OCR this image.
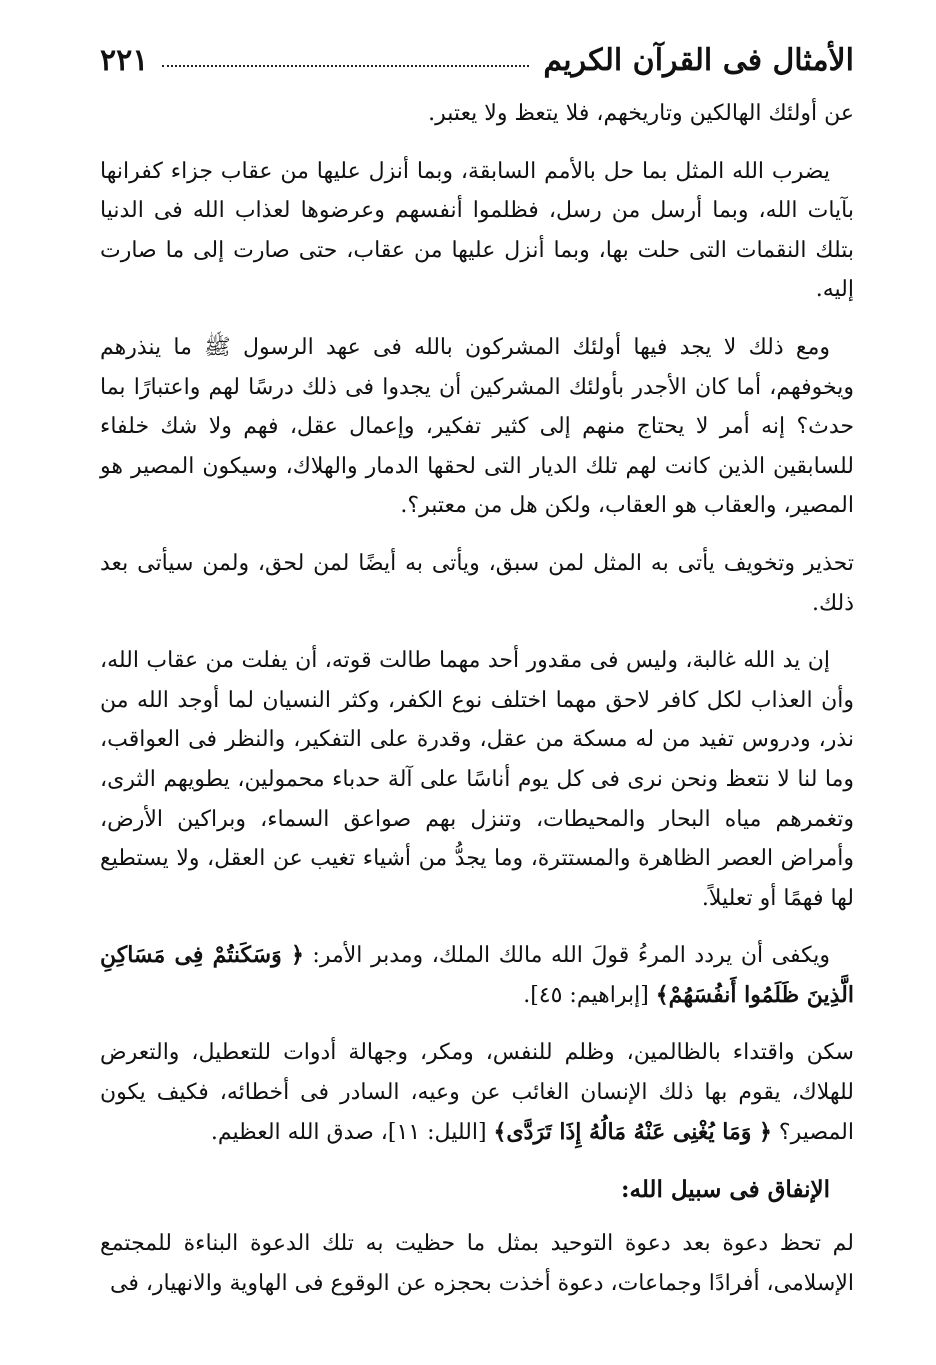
الأمثال فى القرآن الكريم
٢٢١

عن أولئك الهالكين وتاريخهم، فلا يتعظ ولا يعتبر.

يضرب الله المثل بما حل بالأمم السابقة، وبما أنزل عليها من عقاب جزاء كفرانها بآيات الله، وبما أرسل من رسل، فظلموا أنفسهم وعرضوها لعذاب الله فى الدنيا بتلك النقمات التى حلت بها، وبما أنزل عليها من عقاب، حتى صارت إلى ما صارت إليه.

ومع ذلك لا يجد فيها أولئك المشركون بالله فى عهد الرسول ﷺ ما ينذرهم ويخوفهم، أما كان الأجدر بأولئك المشركين أن يجدوا فى ذلك درسًا لهم واعتبارًا بما حدث؟ إنه أمر لا يحتاج منهم إلى كثير تفكير، وإعمال عقل، فهم ولا شك خلفاء للسابقين الذين كانت لهم تلك الديار التى لحقها الدمار والهلاك، وسيكون المصير هو المصير، والعقاب هو العقاب، ولكن هل من معتبر؟.

تحذير وتخويف يأتى به المثل لمن سبق، ويأتى به أيضًا لمن لحق، ولمن سيأتى بعد ذلك.

إن يد الله غالبة، وليس فى مقدور أحد مهما طالت قوته، أن يفلت من عقاب الله، وأن العذاب لكل كافر لاحق مهما اختلف نوع الكفر، وكثر النسيان لما أوجد الله من نذر، ودروس تفيد من له مسكة من عقل، وقدرة على التفكير، والنظر فى العواقب، وما لنا لا نتعظ ونحن نرى فى كل يوم أناسًا على آلة حدباء محمولين، يطويهم الثرى، وتغمرهم مياه البحار والمحيطات، وتنزل بهم صواعق السماء، وبراكين الأرض، وأمراض العصر الظاهرة والمستترة، وما يجدُّ من أشياء تغيب عن العقل، ولا يستطيع لها فهمًا أو تعليلاً.

ويكفى أن يردد المرءُ قولَ الله مالك الملك، ومدبر الأمر: ﴿ وَسَكَنتُمْ فِى مَسَاكِنِ الَّذِينَ ظَلَمُوا أَنفُسَهُمْ﴾ [إبراهيم: ٤٥].

سكن واقتداء بالظالمين، وظلم للنفس، ومكر، وجهالة أدوات للتعطيل، والتعرض للهلاك، يقوم بها ذلك الإنسان الغائب عن وعيه، السادر فى أخطائه، فكيف يكون المصير؟ ﴿ وَمَا يُغْنِى عَنْهُ مَالُهُ إِذَا تَرَدَّى﴾ [الليل: ١١]، صدق الله العظيم.

الإنفاق فى سبيل الله:

لم تحظ دعوة بعد دعوة التوحيد بمثل ما حظيت به تلك الدعوة البناءة للمجتمع الإسلامى، أفرادًا وجماعات، دعوة أخذت بحجزه عن الوقوع فى الهاوية والانهيار، فى
